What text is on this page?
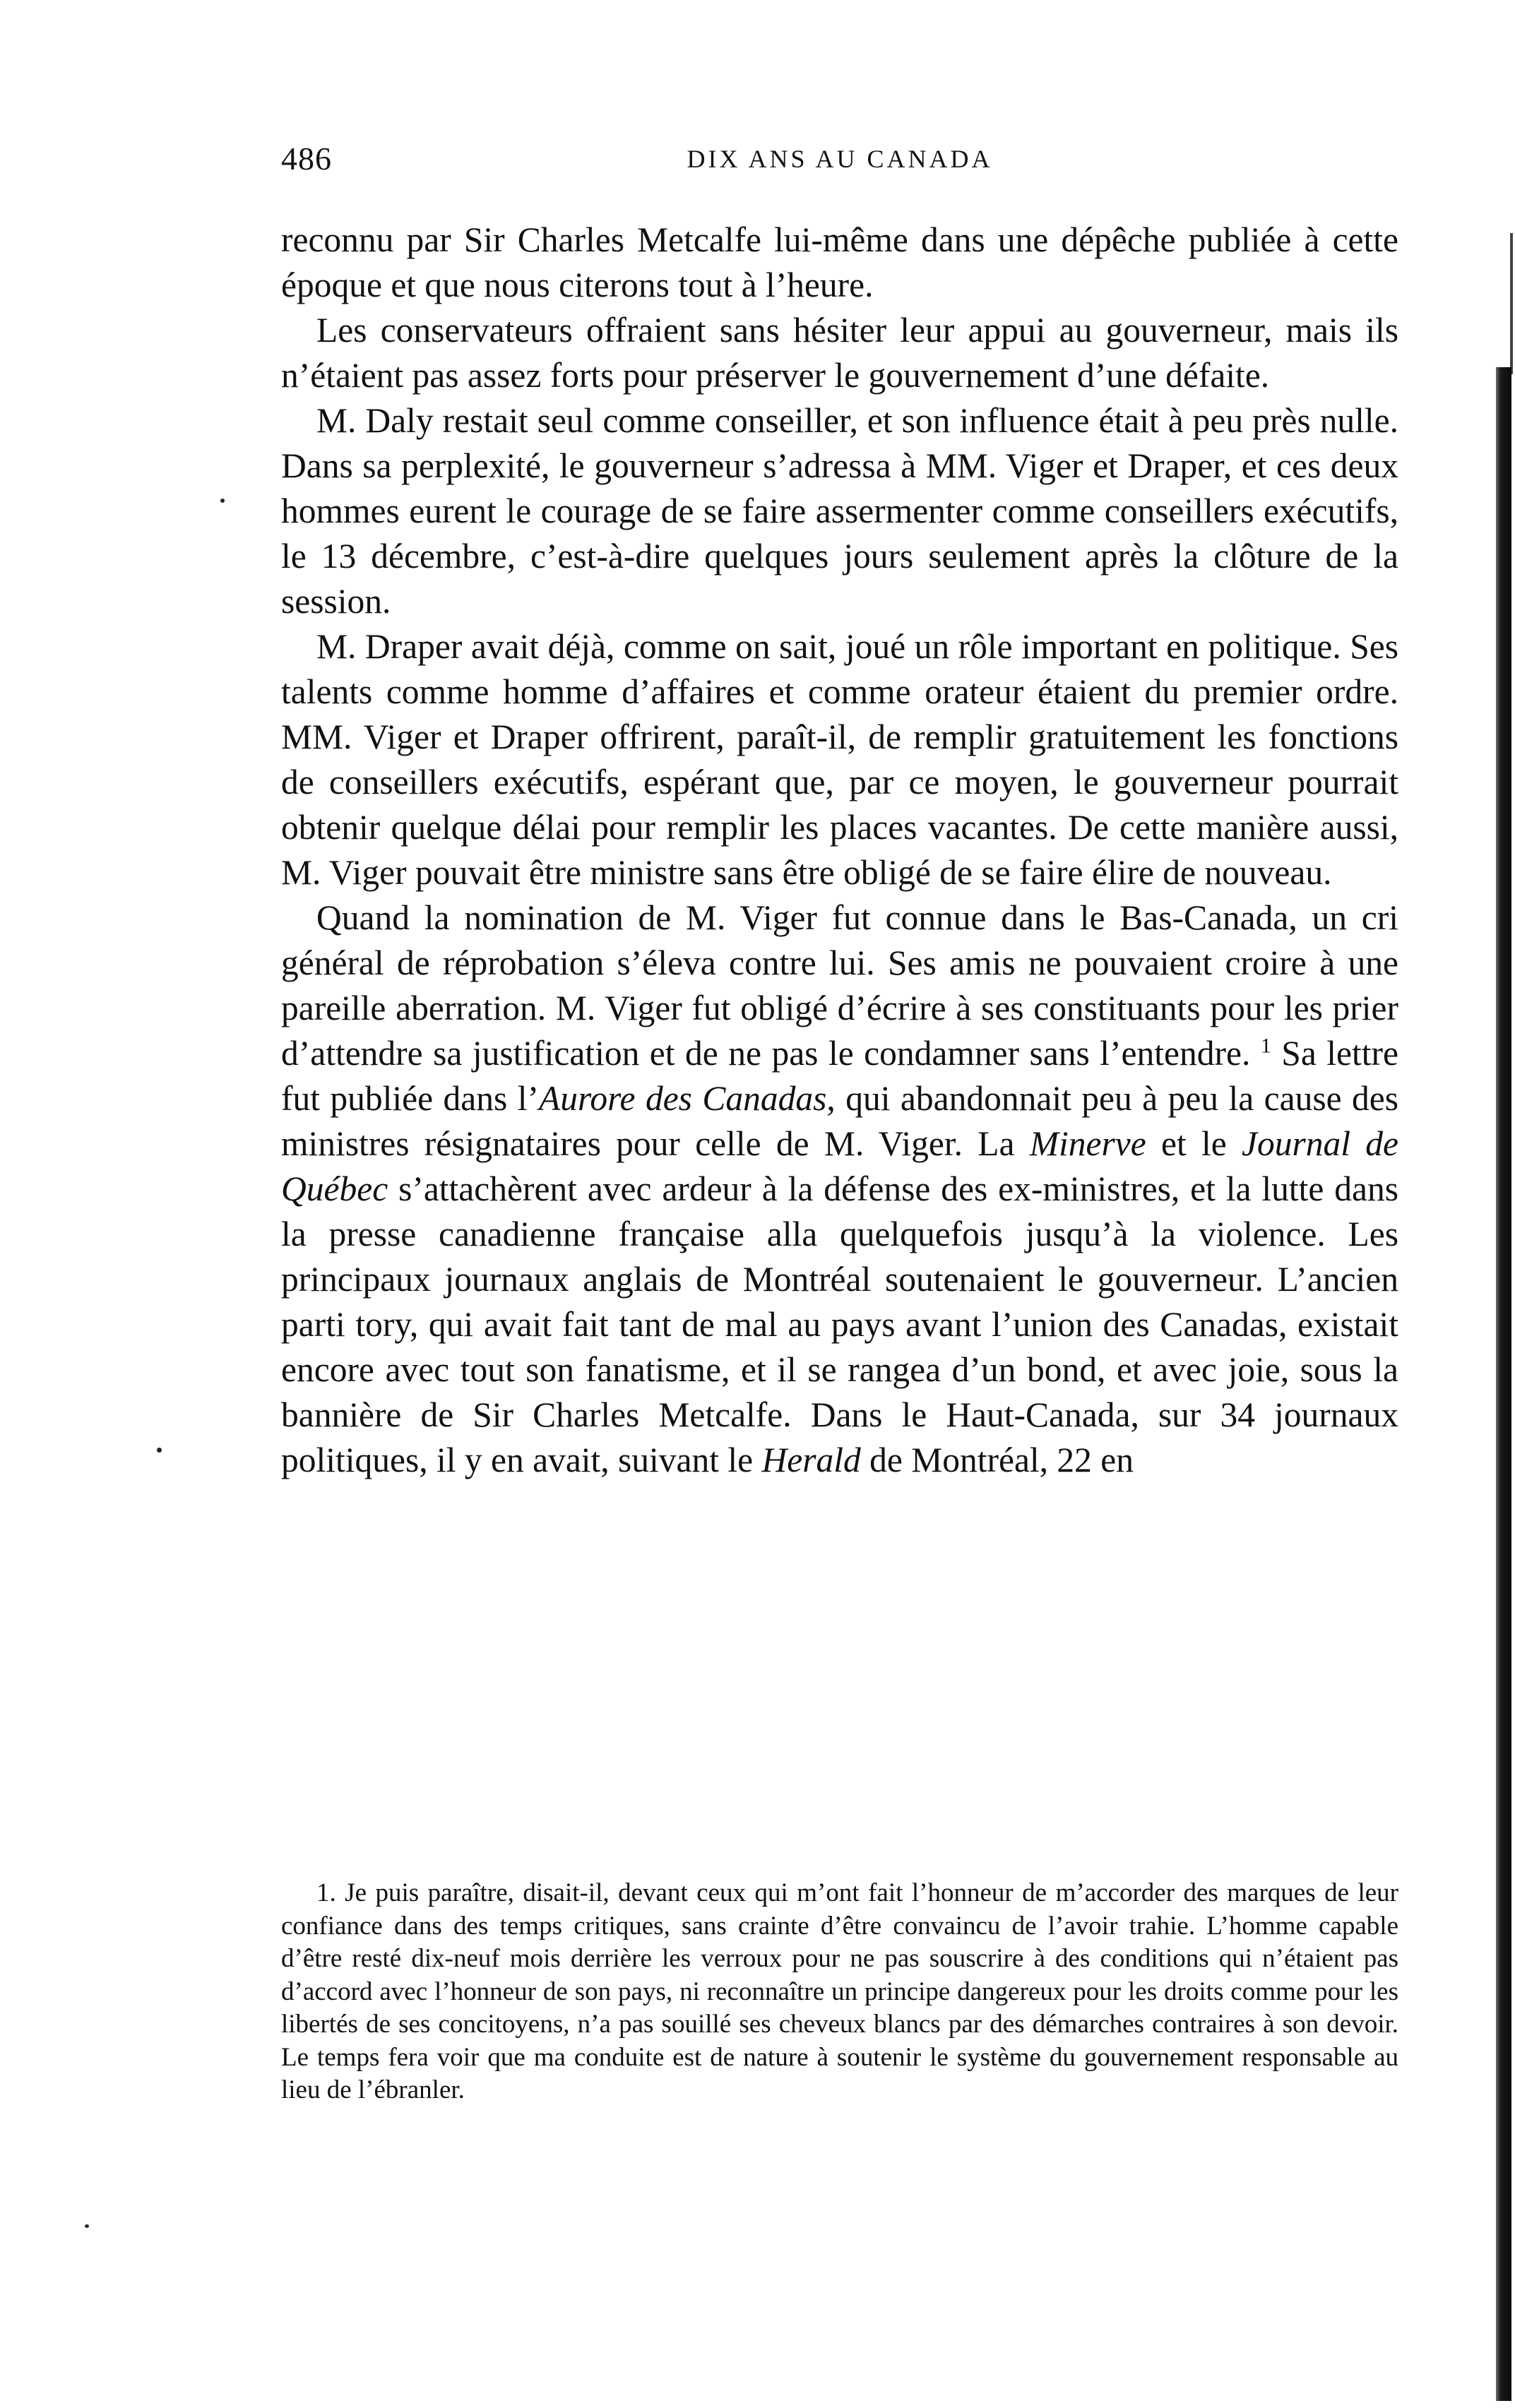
486	DIX ANS AU CANADA

reconnu par Sir Charles Metcalfe lui-même dans une dépêche publiée à cette époque et que nous citerons tout à l’heure.

Les conservateurs offraient sans hésiter leur appui au gouverneur, mais ils n’étaient pas assez forts pour préserver le gouvernement d’une défaite.

M. Daly restait seul comme conseiller, et son influence était à peu près nulle. Dans sa perplexité, le gouverneur s’adressa à MM. Viger et Draper, et ces deux hommes eurent le courage de se faire assermenter comme conseillers exécutifs, le 13 décembre, c’est-à-dire quelques jours seulement après la clôture de la session.

M. Draper avait déjà, comme on sait, joué un rôle important en politique. Ses talents comme homme d’affaires et comme orateur étaient du premier ordre. MM. Viger et Draper offrirent, paraît-il, de remplir gratuitement les fonctions de conseillers exécutifs, espérant que, par ce moyen, le gouverneur pourrait obtenir quelque délai pour remplir les places vacantes. De cette manière aussi, M. Viger pouvait être ministre sans être obligé de se faire élire de nouveau.

Quand la nomination de M. Viger fut connue dans le Bas-Canada, un cri général de réprobation s’éleva contre lui. Ses amis ne pouvaient croire à une pareille aberration. M. Viger fut obligé d’écrire à ses constituants pour les prier d’attendre sa justification et de ne pas le condamner sans l’entendre. $^1$ Sa lettre fut publiée dans l’Aurore des Canadas, qui abandonnait peu à peu la cause des ministres résignataires pour celle de M. Viger. La Minerve et le Journal de Québec s’attachèrent avec ardeur à la défense des ex-ministres, et la lutte dans la presse canadienne française alla quelquefois jusqu’à la violence. Les principaux journaux anglais de Montréal soutenaient le gouverneur. L’ancien parti tory, qui avait fait tant de mal au pays avant l’union des Canadas, existait encore avec tout son fanatisme, et il se rangea d’un bond, et avec joie, sous la bannière de Sir Charles Metcalfe. Dans le Haut-Canada, sur 34 journaux politiques, il y en avait, suivant le Herald de Montréal, 22 en

1. Je puis paraître, disait-il, devant ceux qui m’ont fait l’honneur de m’accorder des marques de leur confiance dans des temps critiques, sans crainte d’être convaincu de l’avoir trahie. L’homme capable d’être resté dix-neuf mois derrière les verroux pour ne pas souscrire à des conditions qui n’étaient pas d’accord avec l’honneur de son pays, ni reconnaître un principe dangereux pour les droits comme pour les libertés de ses concitoyens, n’a pas souillé ses cheveux blancs par des démarches contraires à son devoir. Le temps fera voir que ma conduite est de nature à soutenir le système du gouvernement responsable au lieu de l’ébranler.
